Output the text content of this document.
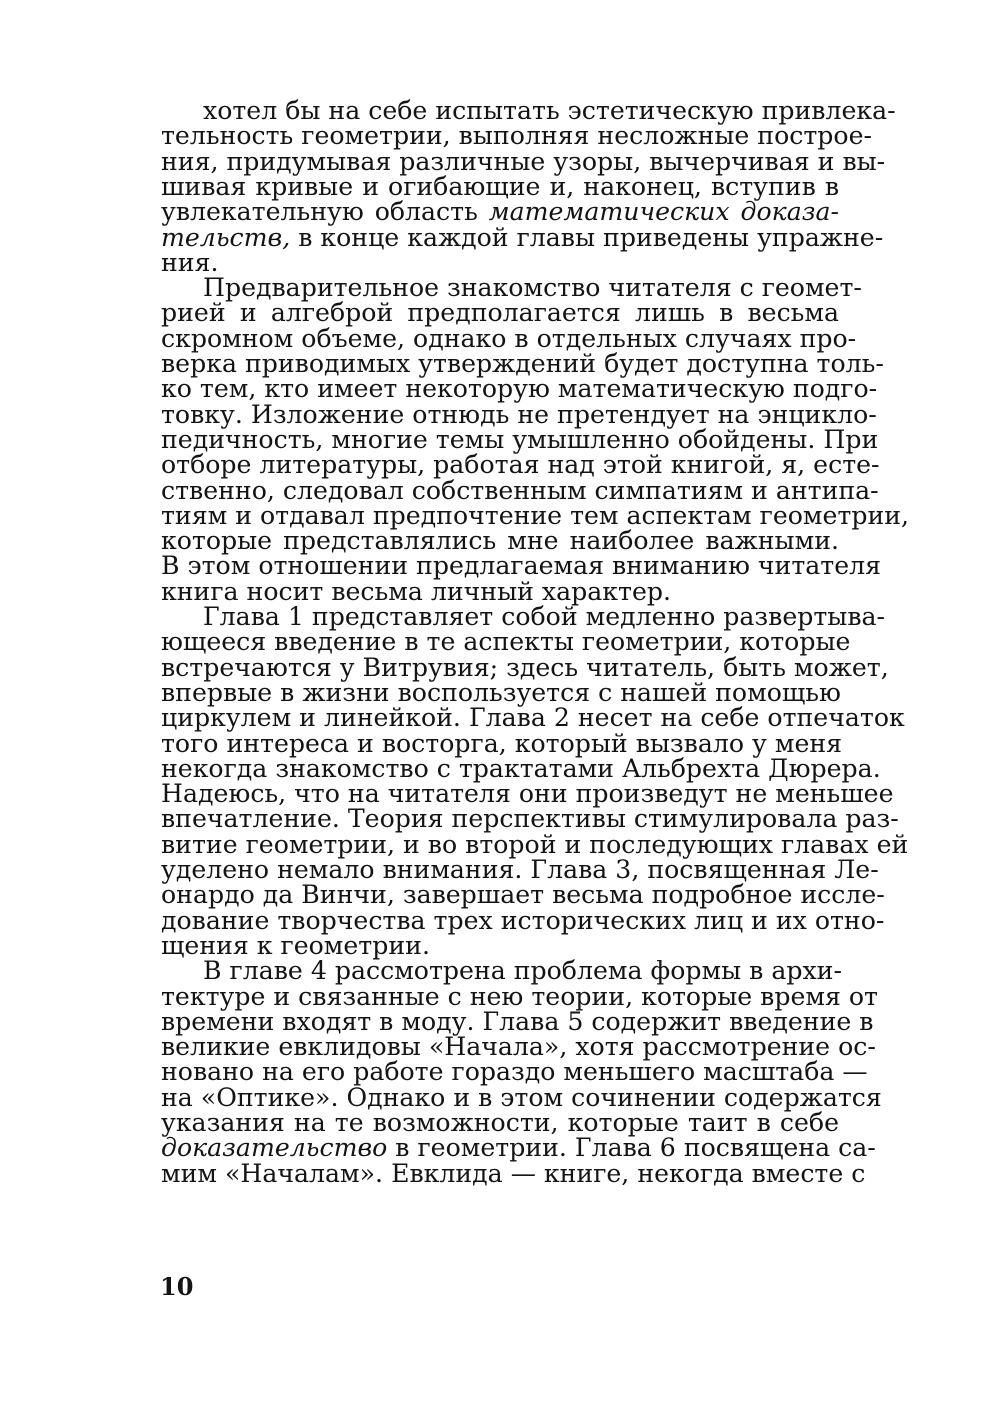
хотел бы на себе испытать эстетическую привлека-
тельность геометрии, выполняя несложные построе-
ния, придумывая различные узоры, вычерчивая и вы-
шивая кривые и огибающие и, наконец, вступив в
увлекательную область математических доказа-
тельств, в конце каждой главы приведены упражне-
ния.
Предварительное знакомство читателя с геомет-
рией и алгеброй предполагается лишь в весьма
скромном объеме, однако в отдельных случаях про-
верка приводимых утверждений будет доступна толь-
ко тем, кто имеет некоторую математическую подго-
товку. Изложение отнюдь не претендует на энцикло-
педичность, многие темы умышленно обойдены. При
отборе литературы, работая над этой книгой, я, есте-
ственно, следовал собственным симпатиям и антипа-
тиям и отдавал предпочтение тем аспектам геометрии,
которые представлялись мне наиболее важными.
В этом отношении предлагаемая вниманию читателя
книга носит весьма личный характер.
Глава 1 представляет собой медленно развертыва-
ющееся введение в те аспекты геометрии, которые
встречаются у Витрувия; здесь читатель, быть может,
впервые в жизни воспользуется с нашей помощью
циркулем и линейкой. Глава 2 несет на себе отпечаток
того интереса и восторга, который вызвало у меня
некогда знакомство с трактатами Альбрехта Дюрера.
Надеюсь, что на читателя они произведут не меньшее
впечатление. Теория перспективы стимулировала раз-
витие геометрии, и во второй и последующих главах ей
уделено немало внимания. Глава 3, посвященная Ле-
онардо да Винчи, завершает весьма подробное иссле-
дование творчества трех исторических лиц и их отно-
щения к геометрии.
В главе 4 рассмотрена проблема формы в архи-
тектуре и связанные с нею теории, которые время от
времени входят в моду. Глава 5 содержит введение в
великие евклидовы «Начала», хотя рассмотрение ос-
новано на его работе гораздо меньшего масштаба —
на «Оптике». Однако и в этом сочинении содержатся
указания на те возможности, которые таит в себе
доказательство в геометрии. Глава 6 посвящена са-
мим «Началам». Евклида — книге, некогда вместе с
10
